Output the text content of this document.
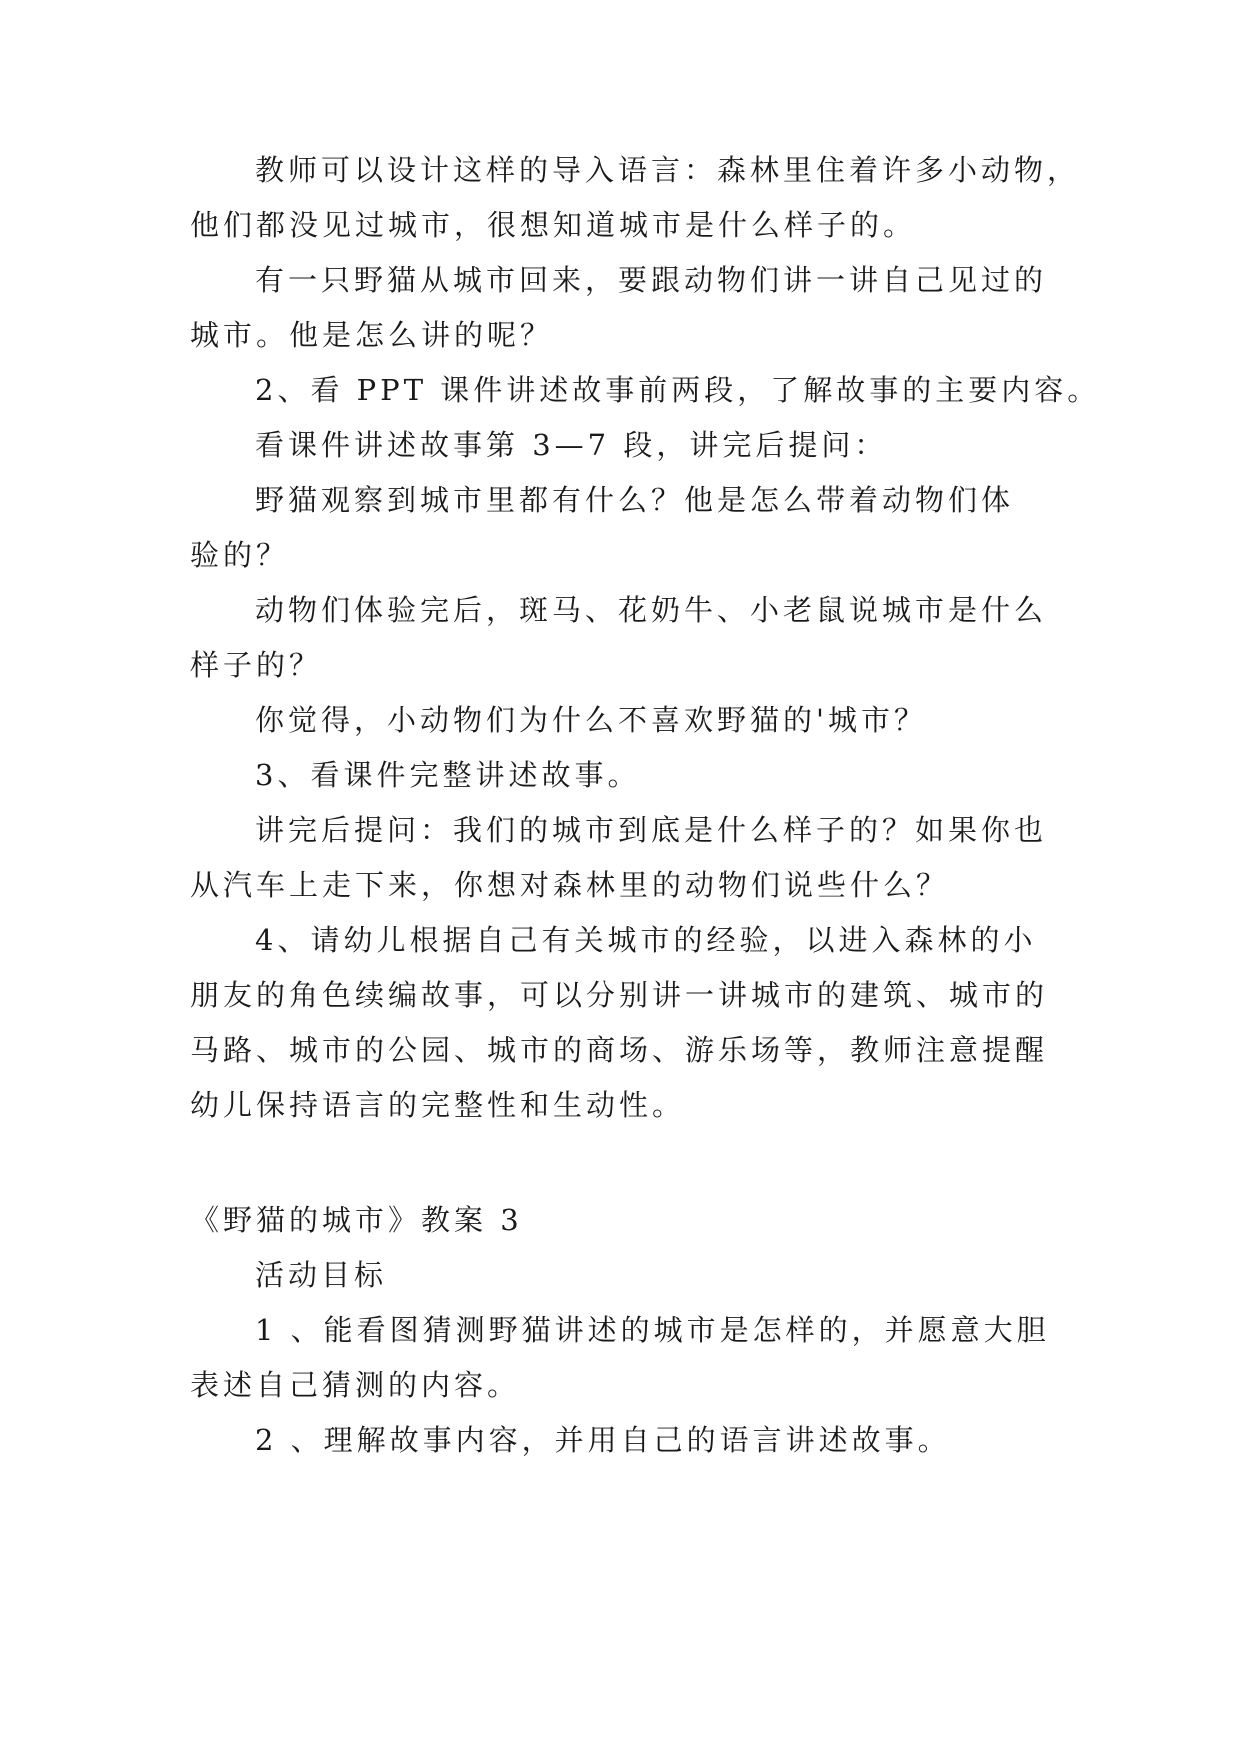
教师可以设计这样的导入语言：森林里住着许多小动物，
他们都没见过城市，很想知道城市是什么样子的。
有一只野猫从城市回来，要跟动物们讲一讲自己见过的
城市。他是怎么讲的呢？
2、看 PPT 课件讲述故事前两段，了解故事的主要内容。
看课件讲述故事第 3—7 段，讲完后提问：
野猫观察到城市里都有什么？他是怎么带着动物们体
验的？
动物们体验完后，斑马、花奶牛、小老鼠说城市是什么
样子的？
你觉得，小动物们为什么不喜欢野猫的'城市？
3、看课件完整讲述故事。
讲完后提问：我们的城市到底是什么样子的？如果你也
从汽车上走下来，你想对森林里的动物们说些什么？
4、请幼儿根据自己有关城市的经验，以进入森林的小
朋友的角色续编故事，可以分别讲一讲城市的建筑、城市的
马路、城市的公园、城市的商场、游乐场等，教师注意提醒
幼儿保持语言的完整性和生动性。
《野猫的城市》教案 3
活动目标
1 、能看图猜测野猫讲述的城市是怎样的，并愿意大胆
表述自己猜测的内容。
2 、理解故事内容，并用自己的语言讲述故事。
